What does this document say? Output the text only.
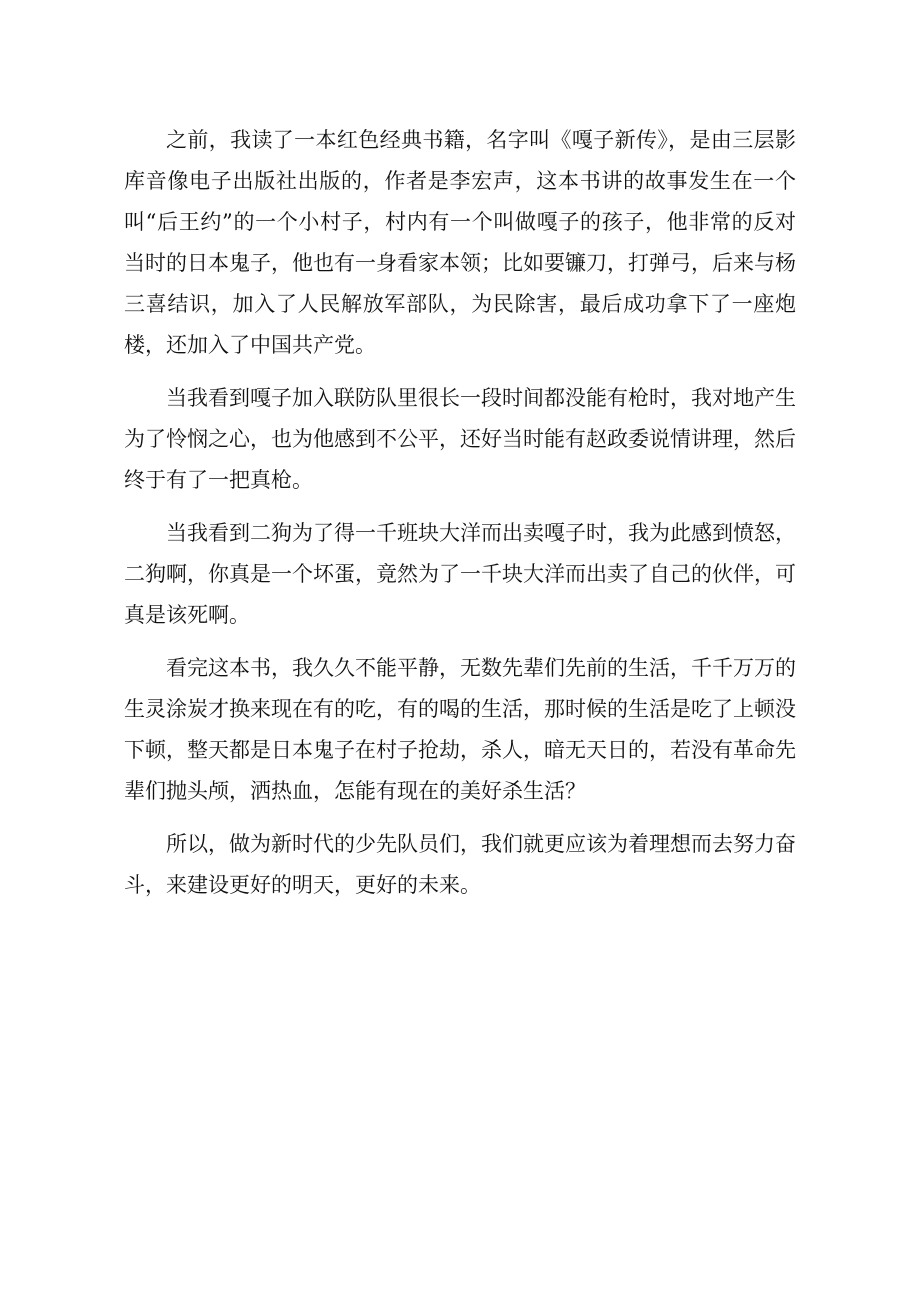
之前，我读了一本红色经典书籍，名字叫《嘎子新传》，是由三层影库音像电子出版社出版的，作者是李宏声，这本书讲的故事发生在一个叫“后王约”的一个小村子，村内有一个叫做嘎子的孩子，他非常的反对当时的日本鬼子，他也有一身看家本领；比如要镰刀，打弹弓，后来与杨三喜结识，加入了人民解放军部队，为民除害，最后成功拿下了一座炮楼，还加入了中国共产党。

当我看到嘎子加入联防队里很长一段时间都没能有枪时，我对地产生为了怜悯之心，也为他感到不公平，还好当时能有赵政委说情讲理，然后终于有了一把真枪。

当我看到二狗为了得一千班块大洋而出卖嘎子时，我为此感到愤怒，二狗啊，你真是一个坏蛋，竟然为了一千块大洋而出卖了自己的伙伴，可真是该死啊。

看完这本书，我久久不能平静，无数先辈们先前的生活，千千万万的生灵涂炭才换来现在有的吃，有的喝的生活，那时候的生活是吃了上顿没下顿，整天都是日本鬼子在村子抢劫，杀人，暗无天日的，若没有革命先辈们抛头颅，洒热血，怎能有现在的美好杀生活？

所以，做为新时代的少先队员们，我们就更应该为着理想而去努力奋斗，来建设更好的明天，更好的未来。
